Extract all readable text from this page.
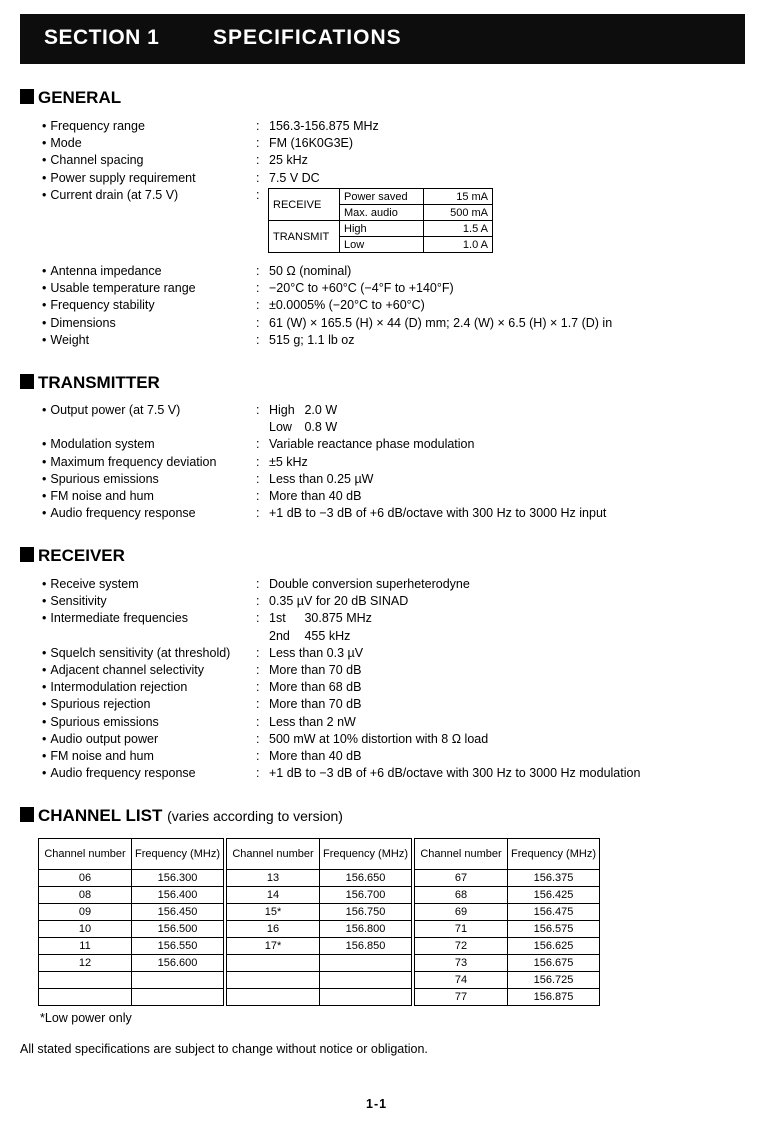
SECTION 1	SPECIFICATIONS
GENERAL
• Frequency range	: 156.3-156.875 MHz
• Mode	: FM (16K0G3E)
• Channel spacing	: 25 kHz
• Power supply requirement	: 7.5 V DC
• Current drain (at 7.5 V)	:
RECEIVE	Power saved	15 mA
	Max. audio	500 mA
TRANSMIT	High	1.5 A
	Low	1.0 A
• Antenna impedance	: 50 Ω (nominal)
• Usable temperature range	: −20°C to +60°C (−4°F to +140°F)
• Frequency stability	: ±0.0005% (−20°C to +60°C)
• Dimensions	: 61 (W) × 165.5 (H) × 44 (D) mm; 2.4 (W) × 6.5 (H) × 1.7 (D) in
• Weight	: 515 g; 1.1 lb oz
TRANSMITTER
• Output power (at 7.5 V)	: High 2.0 W
Low 0.8 W
• Modulation system	: Variable reactance phase modulation
• Maximum frequency deviation	: ±5 kHz
• Spurious emissions	: Less than 0.25 µW
• FM noise and hum	: More than 40 dB
• Audio frequency response	: +1 dB to −3 dB of +6 dB/octave with 300 Hz to 3000 Hz input
RECEIVER
• Receive system	: Double conversion superheterodyne
• Sensitivity	: 0.35 µV for 20 dB SINAD
• Intermediate frequencies	: 1st 30.875 MHz
2nd 455 kHz
• Squelch sensitivity (at threshold) : Less than 0.3 µV
• Adjacent channel selectivity	: More than 70 dB
• Intermodulation rejection	: More than 68 dB
• Spurious rejection	: More than 70 dB
• Spurious emissions	: Less than 2 nW
• Audio output power	: 500 mW at 10% distortion with 8 Ω load
• FM noise and hum	: More than 40 dB
• Audio frequency response	: +1 dB to −3 dB of +6 dB/octave with 300 Hz to 3000 Hz modulation
CHANNEL LIST (varies according to version)
Channel number	Frequency (MHz)	Channel number	Frequency (MHz)	Channel number	Frequency (MHz)
06	156.300	13	156.650	67	156.375
08	156.400	14	156.700	68	156.425
09	156.450	15*	156.750	69	156.475
10	156.500	16	156.800	71	156.575
11	156.550	17*	156.850	72	156.625
12	156.600			73	156.675
				74	156.725
				77	156.875
*Low power only
All stated specifications are subject to change without notice or obligation.
1-1
